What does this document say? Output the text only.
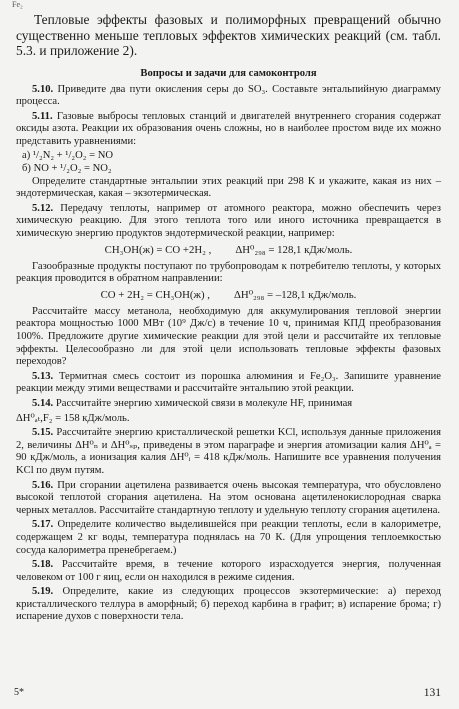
Fe₂

Тепловые эффекты фазовых и полиморфных превращений обычно существенно меньше тепловых эффектов химических реакций (см. табл. 5.3. и приложение 2).

Вопросы и задачи для самоконтроля

5.10. Приведите два пути окисления серы до SO₃. Составьте энтальпийную диаграмму процесса.

5.11. Газовые выбросы тепловых станций и двигателей внутреннего сгорания содержат оксиды азота. Реакции их образования очень сложны, но в наиболее простом виде их можно представить уравнениями:

а) ¹/₂N₂ + ¹/₂O₂ = NO

б) NO + ¹/₂O₂ = NO₂

Определите стандартные энтальпии этих реакций при 298 К и укажите, какая из них – эндотермическая, какая – экзотермическая.

5.12. Передачу теплоты, например от атомного реактора, можно обеспечить через химическую реакцию. Для этого теплота того или иного источника превращается в химическую энергию продуктов эндотермической реакции, например:

CH₃OH(ж) = CO +2H₂ , ΔH⁰₂₉₈ = 128,1 кДж/моль.

Газообразные продукты поступают по трубопроводам к потребителю теплоты, у которых реакция проводится в обратном направлении:

CO + 2H₂ = CH₃OH(ж) , ΔH⁰₂₉₈ = –128,1 кДж/моль.

Рассчитайте массу метанола, необходимую для аккумулирования тепловой энергии реактора мощностью 1000 МВт (10⁹ Дж/с) в течение 10 ч, принимая КПД преобразования 100%. Предложите другие химические реакции для этой цели и рассчитайте их тепловые эффекты. Целесообразно ли для этой цели использовать тепловые эффекты фазовых переходов?

5.13. Термитная смесь состоит из порошка алюминия и Fe₂O₃. Запишите уравнение реакции между этими веществами и рассчитайте энтальпию этой реакции.

5.14. Рассчитайте энергию химической связи в молекуле HF, принимая

ΔH⁰ₐₜ,F₂ = 158 кДж/моль.

5.15. Рассчитайте энергию кристаллической решетки KCl, используя данные приложения 2, величины ΔH⁰ₙ и ΔH⁰ₛₚ, приведены в этом параграфе и энергия атомизации калия ΔH⁰ₐ = 90 кДж/моль, а ионизация калия ΔH⁰ᵢ = 418 кДж/моль. Напишите все уравнения получения KCl по двум путям.

5.16. При сгорании ацетилена развивается очень высокая температура, что обусловлено высокой теплотой сгорания ацетилена. На этом основана ацетиленокислородная сварка черных металлов. Рассчитайте стандартную теплоту и удельную теплоту сгорания ацетилена.

5.17. Определите количество выделившейся при реакции теплоты, если в калориметре, содержащем 2 кг воды, температура поднялась на 70 К. (Для упрощения теплоемкостью сосуда калориметра пренебрегаем.)

5.18. Рассчитайте время, в течение которого израсходуется энергия, полученная человеком от 100 г яиц, если он находился в режиме сидения.

5.19. Определите, какие из следующих процессов экзотермические: а) переход кристаллического теллура в аморфный; б) переход карбина в графит; в) испарение брома; г) испарение духов с поверхности тела.

5*	131
